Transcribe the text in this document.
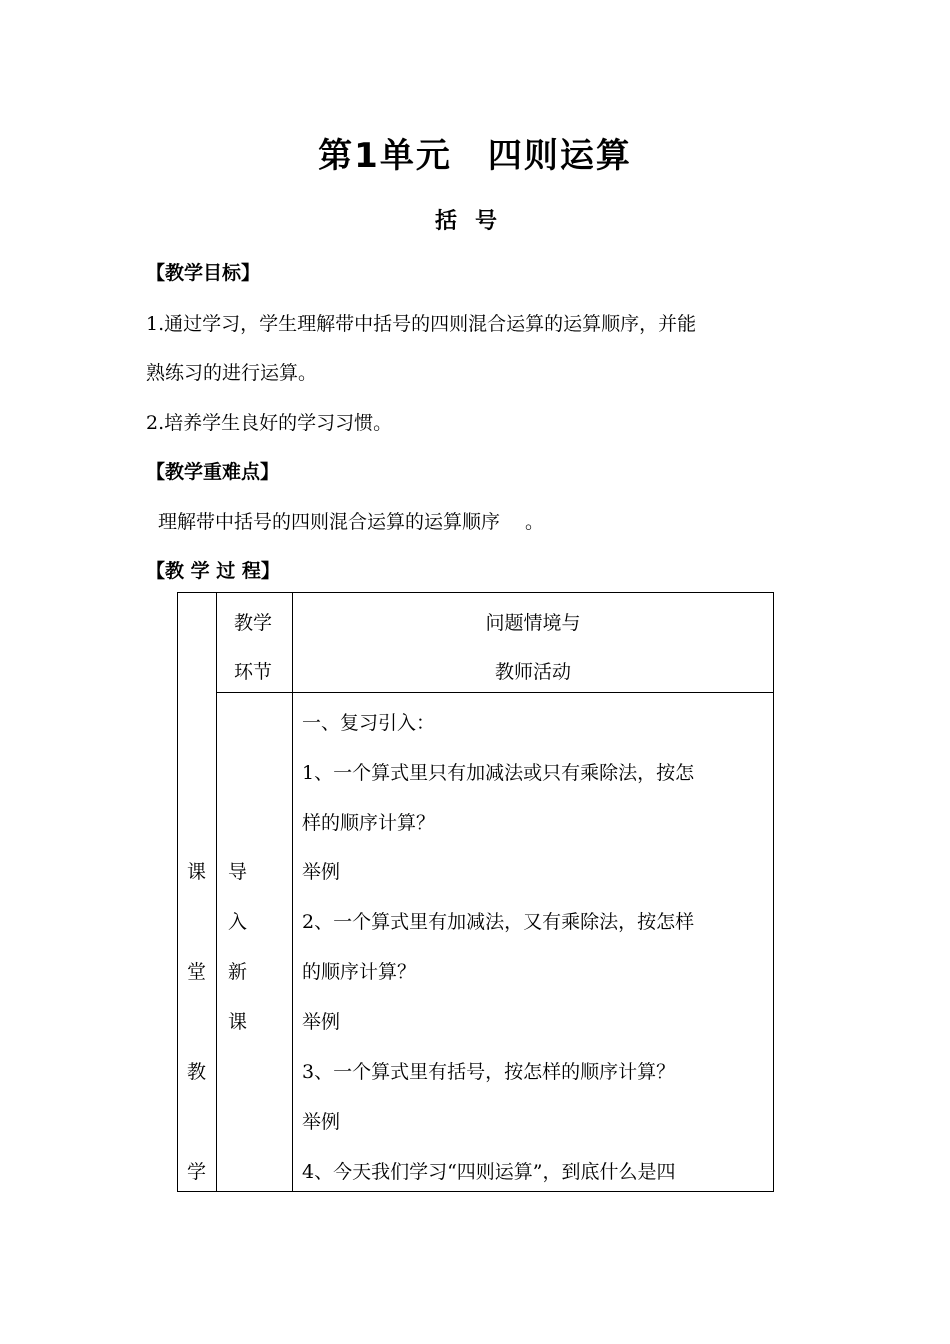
第1单元　四则运算
括号
【教学目标】
1.通过学习，学生理解带中括号的四则混合运算的运算顺序，并能
熟练习的进行运算。
2.培养学生良好的学习习惯。
【教学重难点】
理解带中括号的四则混合运算的运算顺序　 。
【教 学 过 程】
教学
环节
问题情境与
教师活动
课
堂
教
学
导
入
新
课
一、复习引入：
1、一个算式里只有加减法或只有乘除法，按怎
样的顺序计算？
举例
2、一个算式里有加减法，又有乘除法，按怎样
的顺序计算？
举例
3、一个算式里有括号，按怎样的顺序计算？
举例
4、今天我们学习“四则运算”，到底什么是四
